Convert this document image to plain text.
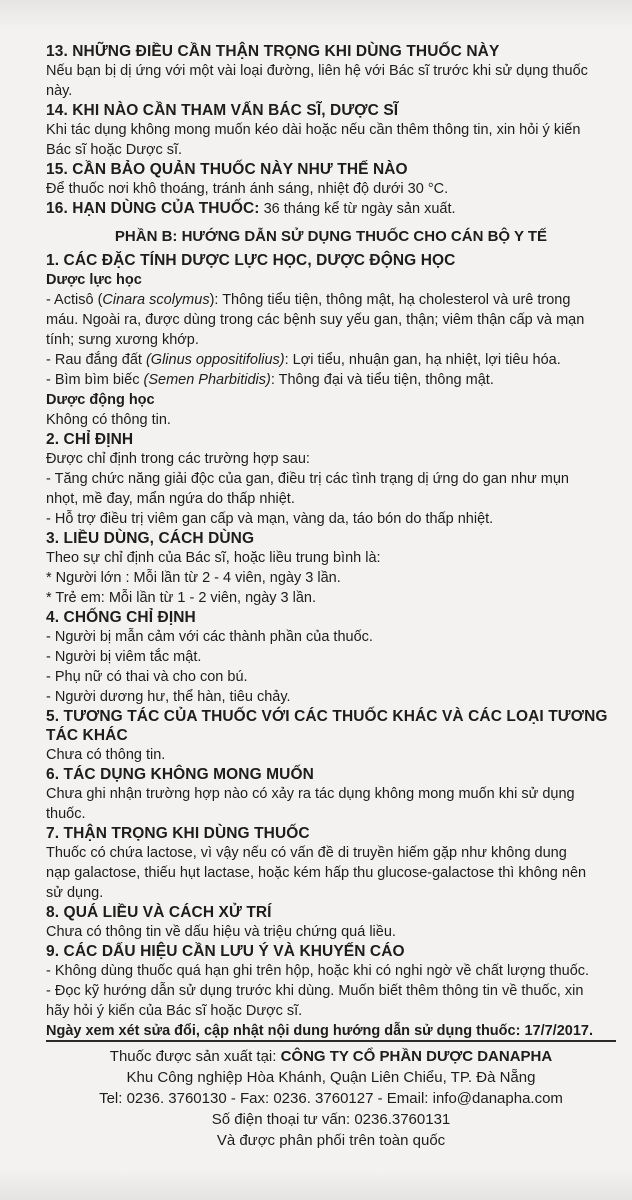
13. NHỮNG ĐIỀU CẦN THẬN TRỌNG KHI DÙNG THUỐC NÀY
Nếu bạn bị dị ứng với một vài loại đường, liên hệ với Bác sĩ trước khi sử dụng thuốc này.
14. KHI NÀO CẦN THAM VẤN BÁC SĨ, DƯỢC SĨ
Khi tác dụng không mong muốn kéo dài hoặc nếu cần thêm thông tin, xin hỏi ý kiến
Bác sĩ hoặc Dược sĩ.
15. CẦN BẢO QUẢN THUỐC NÀY NHƯ THẾ NÀO
Để thuốc nơi khô thoáng, tránh ánh sáng, nhiệt độ dưới 30 °C.
16. HẠN DÙNG CỦA THUỐC: 36 tháng kể từ ngày sản xuất.
PHẦN B: HƯỚNG DẪN SỬ DỤNG THUỐC CHO CÁN BỘ Y TẾ
1. CÁC ĐẶC TÍNH DƯỢC LỰC HỌC, DƯỢC ĐỘNG HỌC
Dược lực học
- Actisô (Cinara scolymus): Thông tiểu tiện, thông mật, hạ cholesterol và urê trong
máu. Ngoài ra, được dùng trong các bệnh suy yếu gan, thận; viêm thận cấp và mạn
tính; sưng xương khớp.
- Rau đắng đất (Glinus oppositifolius): Lợi tiểu, nhuận gan, hạ nhiệt, lợi tiêu hóa.
- Bìm bìm biếc (Semen Pharbitidis): Thông đại và tiểu tiện, thông mật.
Dược động học
Không có thông tin.
2. CHỈ ĐỊNH
Được chỉ định trong các trường hợp sau:
- Tăng chức năng giải độc của gan, điều trị các tình trạng dị ứng do gan như mụn
nhọt, mề đay, mẩn ngứa do thấp nhiệt.
- Hỗ trợ điều trị viêm gan cấp và mạn, vàng da, táo bón do thấp nhiệt.
3. LIỀU DÙNG, CÁCH DÙNG
Theo sự chỉ định của Bác sĩ, hoặc liều trung bình là:
* Người lớn : Mỗi lần từ 2 - 4 viên, ngày 3 lần.
* Trẻ em: Mỗi lần từ 1 - 2 viên, ngày 3 lần.
4. CHỐNG CHỈ ĐỊNH
- Người bị mẫn cảm với các thành phần của thuốc.
- Người bị viêm tắc mật.
- Phụ nữ có thai và cho con bú.
- Người dương hư, thể hàn, tiêu chảy.
5. TƯƠNG TÁC CỦA THUỐC VỚI CÁC THUỐC KHÁC VÀ CÁC LOẠI TƯƠNG
TÁC KHÁC
Chưa có thông tin.
6. TÁC DỤNG KHÔNG MONG MUỐN
Chưa ghi nhận trường hợp nào có xảy ra tác dụng không mong muốn khi sử dụng thuốc.
7. THẬN TRỌNG KHI DÙNG THUỐC
Thuốc có chứa lactose, vì vậy nếu có vấn đề di truyền hiếm gặp như không dung
nạp galactose, thiếu hụt lactase, hoặc kém hấp thu glucose-galactose thì không nên
sử dụng.
8. QUÁ LIỀU VÀ CÁCH XỬ TRÍ
Chưa có thông tin về dấu hiệu và triệu chứng quá liều.
9. CÁC DẤU HIỆU CẦN LƯU Ý VÀ KHUYẾN CÁO
- Không dùng thuốc quá hạn ghi trên hộp, hoặc khi có nghi ngờ về chất lượng thuốc.
- Đọc kỹ hướng dẫn sử dụng trước khi dùng. Muốn biết thêm thông tin về thuốc, xin
hãy hỏi ý kiến của Bác sĩ hoặc Dược sĩ.
Ngày xem xét sửa đổi, cập nhật nội dung hướng dẫn sử dụng thuốc: 17/7/2017.
Thuốc được sản xuất tại: CÔNG TY CỔ PHẦN DƯỢC DANAPHA
Khu Công nghiệp Hòa Khánh, Quận Liên Chiểu, TP. Đà Nẵng
Tel: 0236. 3760130 - Fax: 0236. 3760127 - Email: info@danapha.com
Số điện thoại tư vấn: 0236.3760131
Và được phân phối trên toàn quốc
